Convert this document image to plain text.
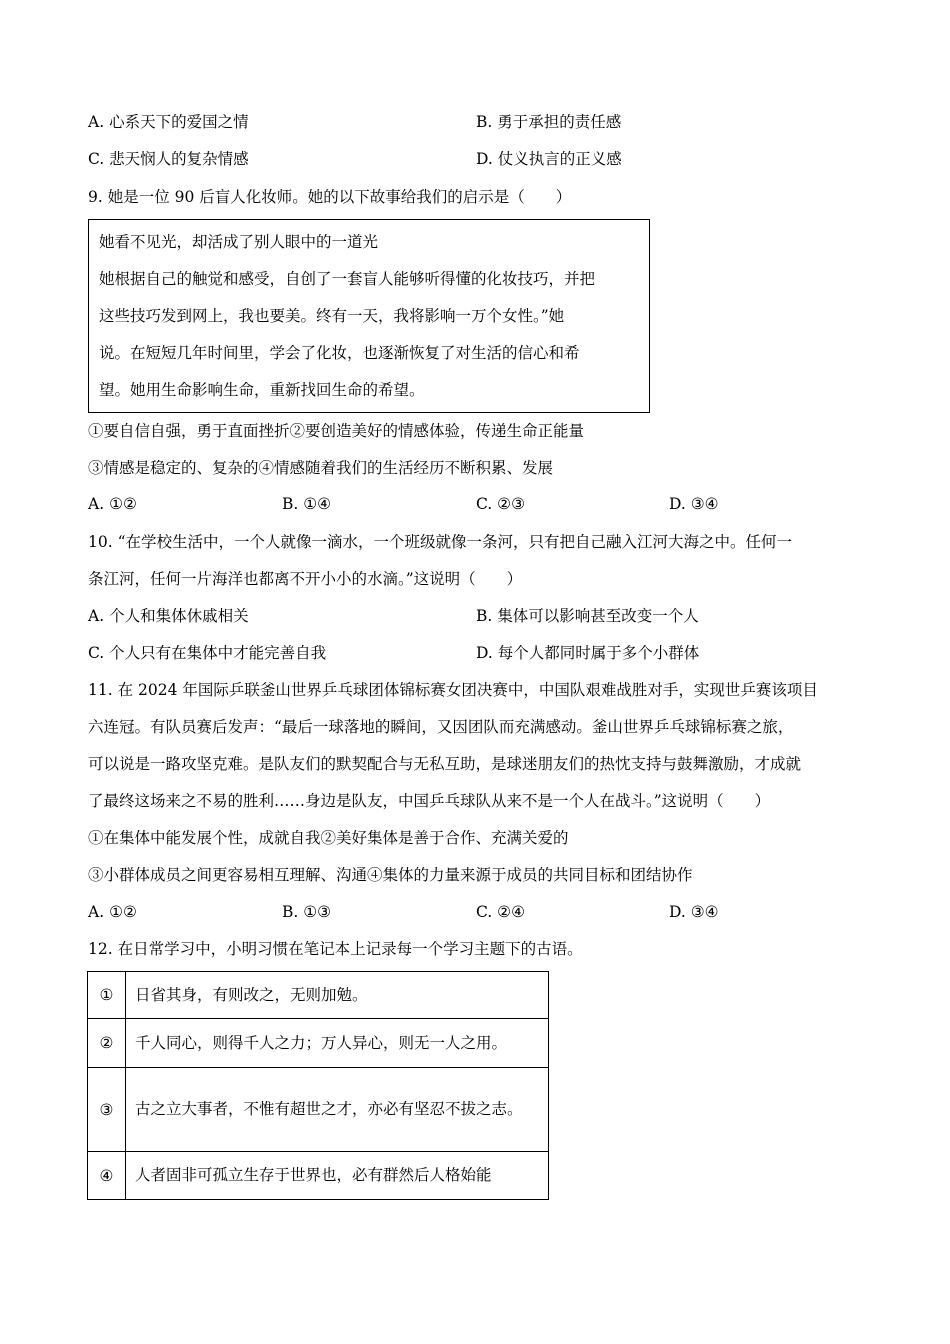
A. 心系天下的爱国之情	B. 勇于承担的责任感
C. 悲天悯人的复杂情感	D. 仗义执言的正义感
9. 她是一位 90 后盲人化妆师。她的以下故事给我们的启示是（　　）
她看不见光，却活成了别人眼中的一道光
她根据自己的触觉和感受，自创了一套盲人能够听得懂的化妆技巧，并把
这些技巧发到网上，我也要美。终有一天，我将影响一万个女性。”她
说。在短短几年时间里，学会了化妆，也逐渐恢复了对生活的信心和希
望。她用生命影响生命，重新找回生命的希望。
①要自信自强，勇于直面挫折②要创造美好的情感体验，传递生命正能量
③情感是稳定的、复杂的④情感随着我们的生活经历不断积累、发展
A. ①②	B. ①④	C. ②③	D. ③④
10. “在学校生活中，一个人就像一滴水，一个班级就像一条河，只有把自己融入江河大海之中。任何一
条江河，任何一片海洋也都离不开小小的水滴。”这说明（　　）
A. 个人和集体休戚相关	B. 集体可以影响甚至改变一个人
C. 个人只有在集体中才能完善自我	D. 每个人都同时属于多个小群体
11. 在 2024 年国际乒联釜山世界乒乓球团体锦标赛女团决赛中，中国队艰难战胜对手，实现世乒赛该项目
六连冠。有队员赛后发声：“最后一球落地的瞬间，又因团队而充满感动。釜山世界乒乓球锦标赛之旅，
可以说是一路攻坚克难。是队友们的默契配合与无私互助，是球迷朋友们的热忱支持与鼓舞激励，才成就
了最终这场来之不易的胜利……身边是队友，中国乒乓球队从来不是一个人在战斗。”这说明（　　）
①在集体中能发展个性，成就自我②美好集体是善于合作、充满关爱的
③小群体成员之间更容易相互理解、沟通④集体的力量来源于成员的共同目标和团结协作
A. ①②	B. ①③	C. ②④	D. ③④
12. 在日常学习中，小明习惯在笔记本上记录每一个学习主题下的古语。
①	日省其身，有则改之，无则加勉。
②	千人同心，则得千人之力；万人异心，则无一人之用。
③	古之立大事者，不惟有超世之才，亦必有坚忍不拔之志。
④	人者固非可孤立生存于世界也，必有群然后人格始能
